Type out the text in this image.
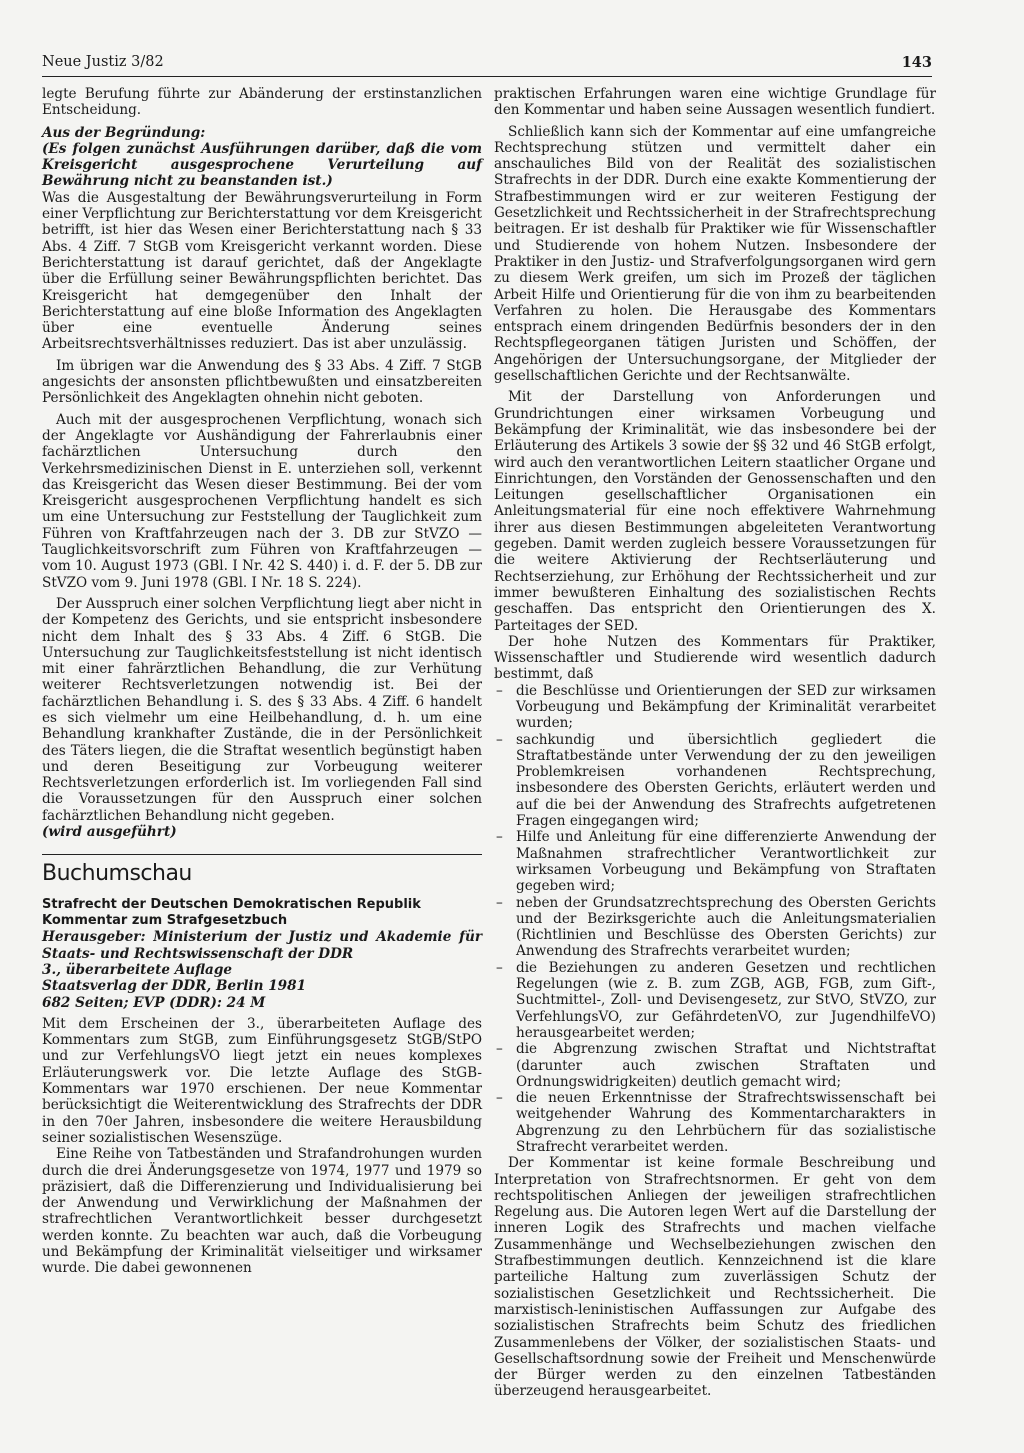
Neue Justiz 3/82	143

legte Berufung führte zur Abänderung der erstinstanzlichen Entscheidung.

Aus der Begründung:

(Es folgen zunächst Ausführungen darüber, daß die vom Kreisgericht ausgesprochene Verurteilung auf Bewährung nicht zu beanstanden ist.)

Was die Ausgestaltung der Bewährungsverurteilung in Form einer Verpflichtung zur Berichterstattung vor dem Kreisgericht betrifft, ist hier das Wesen einer Berichterstattung nach § 33 Abs. 4 Ziff. 7 StGB vom Kreisgericht verkannt worden. Diese Berichterstattung ist darauf gerichtet, daß der Angeklagte über die Erfüllung seiner Bewährungspflichten berichtet. Das Kreisgericht hat demgegenüber den Inhalt der Berichterstattung auf eine bloße Information des Angeklagten über eine eventuelle Änderung seines Arbeitsrechtsverhältnisses reduziert. Das ist aber unzulässig.

Im übrigen war die Anwendung des § 33 Abs. 4 Ziff. 7 StGB angesichts der ansonsten pflichtbewußten und einsatzbereiten Persönlichkeit des Angeklagten ohnehin nicht geboten.

Auch mit der ausgesprochenen Verpflichtung, wonach sich der Angeklagte vor Aushändigung der Fahrerlaubnis einer fachärztlichen Untersuchung durch den Verkehrsmedizinischen Dienst in E. unterziehen soll, verkennt das Kreisgericht das Wesen dieser Bestimmung. Bei der vom Kreisgericht ausgesprochenen Verpflichtung handelt es sich um eine Untersuchung zur Feststellung der Tauglichkeit zum Führen von Kraftfahrzeugen nach der 3. DB zur StVZO — Tauglichkeitsvorschrift zum Führen von Kraftfahrzeugen — vom 10. August 1973 (GBl. I Nr. 42 S. 440) i. d. F. der 5. DB zur StVZO vom 9. Juni 1978 (GBl. I Nr. 18 S. 224).

Der Ausspruch einer solchen Verpflichtung liegt aber nicht in der Kompetenz des Gerichts, und sie entspricht insbesondere nicht dem Inhalt des § 33 Abs. 4 Ziff. 6 StGB. Die Untersuchung zur Tauglichkeitsfeststellung ist nicht identisch mit einer fahrärztlichen Behandlung, die zur Verhütung weiterer Rechtsverletzungen notwendig ist. Bei der fachärztlichen Behandlung i. S. des § 33 Abs. 4 Ziff. 6 handelt es sich vielmehr um eine Heilbehandlung, d. h. um eine Behandlung krankhafter Zustände, die in der Persönlichkeit des Täters liegen, die die Straftat wesentlich begünstigt haben und deren Beseitigung zur Vorbeugung weiterer Rechtsverletzungen erforderlich ist. Im vorliegenden Fall sind die Voraussetzungen für den Ausspruch einer solchen fachärztlichen Behandlung nicht gegeben.

(wird ausgeführt)

Buchumschau

Strafrecht der Deutschen Demokratischen Republik

Kommentar zum Strafgesetzbuch

Herausgeber: Ministerium der Justiz und Akademie für Staats- und Rechtswissenschaft der DDR

3., überarbeitete Auflage

Staatsverlag der DDR, Berlin 1981

682 Seiten; EVP (DDR): 24 M

Mit dem Erscheinen der 3., überarbeiteten Auflage des Kommentars zum StGB, zum Einführungsgesetz StGB/StPO und zur VerfehlungsVO liegt jetzt ein neues komplexes Erläuterungswerk vor. Die letzte Auflage des StGB-Kommentars war 1970 erschienen. Der neue Kommentar berücksichtigt die Weiterentwicklung des Strafrechts der DDR in den 70er Jahren, insbesondere die weitere Herausbildung seiner sozialistischen Wesenszüge.

Eine Reihe von Tatbeständen und Strafandrohungen wurden durch die drei Änderungsgesetze von 1974, 1977 und 1979 so präzisiert, daß die Differenzierung und Individualisierung bei der Anwendung und Verwirklichung der Maßnahmen der strafrechtlichen Verantwortlichkeit besser durchgesetzt werden konnte. Zu beachten war auch, daß die Vorbeugung und Bekämpfung der Kriminalität vielseitiger und wirksamer wurde. Die dabei gewonnenen

praktischen Erfahrungen waren eine wichtige Grundlage für den Kommentar und haben seine Aussagen wesentlich fundiert.

Schließlich kann sich der Kommentar auf eine umfangreiche Rechtsprechung stützen und vermittelt daher ein anschauliches Bild von der Realität des sozialistischen Strafrechts in der DDR. Durch eine exakte Kommentierung der Strafbestimmungen wird er zur weiteren Festigung der Gesetzlichkeit und Rechtssicherheit in der Strafrechtsprechung beitragen. Er ist deshalb für Praktiker wie für Wissenschaftler und Studierende von hohem Nutzen. Insbesondere der Praktiker in den Justiz- und Strafverfolgungsorganen wird gern zu diesem Werk greifen, um sich im Prozeß der täglichen Arbeit Hilfe und Orientierung für die von ihm zu bearbeitenden Verfahren zu holen. Die Herausgabe des Kommentars entsprach einem dringenden Bedürfnis besonders der in den Rechtspflegeorganen tätigen Juristen und Schöffen, der Angehörigen der Untersuchungsorgane, der Mitglieder der gesellschaftlichen Gerichte und der Rechtsanwälte.

Mit der Darstellung von Anforderungen und Grundrichtungen einer wirksamen Vorbeugung und Bekämpfung der Kriminalität, wie das insbesondere bei der Erläuterung des Artikels 3 sowie der §§ 32 und 46 StGB erfolgt, wird auch den verantwortlichen Leitern staatlicher Organe und Einrichtungen, den Vorständen der Genossenschaften und den Leitungen gesellschaftlicher Organisationen ein Anleitungsmaterial für eine noch effektivere Wahrnehmung ihrer aus diesen Bestimmungen abgeleiteten Verantwortung gegeben. Damit werden zugleich bessere Voraussetzungen für die weitere Aktivierung der Rechtserläuterung und Rechtserziehung, zur Erhöhung der Rechtssicherheit und zur immer bewußteren Einhaltung des sozialistischen Rechts geschaffen. Das entspricht den Orientierungen des X. Parteitages der SED.

Der hohe Nutzen des Kommentars für Praktiker, Wissenschaftler und Studierende wird wesentlich dadurch bestimmt, daß

– die Beschlüsse und Orientierungen der SED zur wirksamen Vorbeugung und Bekämpfung der Kriminalität verarbeitet wurden;
– sachkundig und übersichtlich gegliedert die Straftatbestände unter Verwendung der zu den jeweiligen Problemkreisen vorhandenen Rechtsprechung, insbesondere des Obersten Gerichts, erläutert werden und auf die bei der Anwendung des Strafrechts aufgetretenen Fragen eingegangen wird;
– Hilfe und Anleitung für eine differenzierte Anwendung der Maßnahmen strafrechtlicher Verantwortlichkeit zur wirksamen Vorbeugung und Bekämpfung von Straftaten gegeben wird;
– neben der Grundsatzrechtsprechung des Obersten Gerichts und der Bezirksgerichte auch die Anleitungsmaterialien (Richtlinien und Beschlüsse des Obersten Gerichts) zur Anwendung des Strafrechts verarbeitet wurden;
– die Beziehungen zu anderen Gesetzen und rechtlichen Regelungen (wie z. B. zum ZGB, AGB, FGB, zum Gift-, Suchtmittel-, Zoll- und Devisengesetz, zur StVO, StVZO, zur VerfehlungsVO, zur GefährdetenVO, zur JugendhilfeVO) herausgearbeitet werden;
– die Abgrenzung zwischen Straftat und Nichtstraftat (darunter auch zwischen Straftaten und Ordnungswidrigkeiten) deutlich gemacht wird;
– die neuen Erkenntnisse der Strafrechtswissenschaft bei weitgehender Wahrung des Kommentarcharakters in Abgrenzung zu den Lehrbüchern für das sozialistische Strafrecht verarbeitet werden.

Der Kommentar ist keine formale Beschreibung und Interpretation von Strafrechtsnormen. Er geht von dem rechtspolitischen Anliegen der jeweiligen strafrechtlichen Regelung aus. Die Autoren legen Wert auf die Darstellung der inneren Logik des Strafrechts und machen vielfache Zusammenhänge und Wechselbeziehungen zwischen den Strafbestimmungen deutlich. Kennzeichnend ist die klare parteiliche Haltung zum zuverlässigen Schutz der sozialistischen Gesetzlichkeit und Rechtssicherheit. Die marxistisch-leninistischen Auffassungen zur Aufgabe des sozialistischen Strafrechts beim Schutz des friedlichen Zusammenlebens der Völker, der sozialistischen Staats- und Gesellschaftsordnung sowie der Freiheit und Menschenwürde der Bürger werden zu den einzelnen Tatbeständen überzeugend herausgearbeitet.
